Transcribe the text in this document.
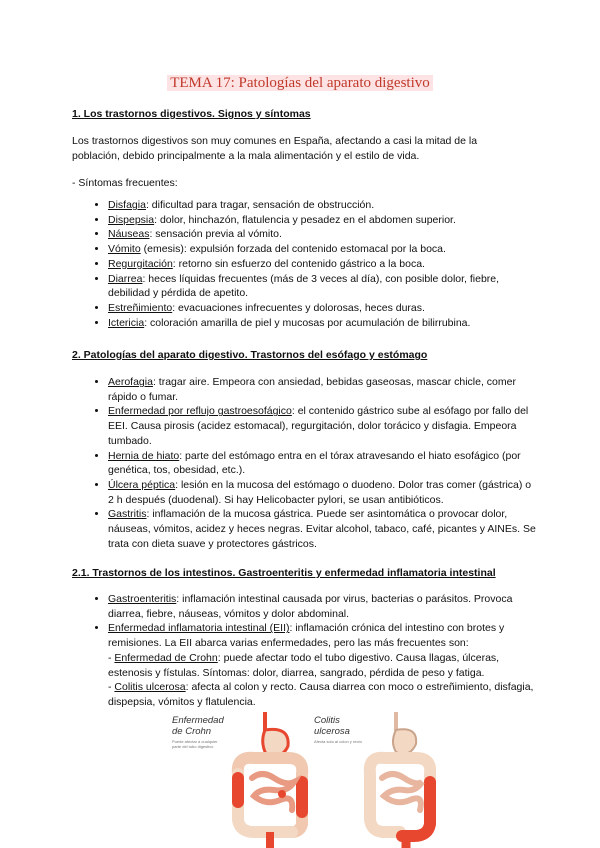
TEMA 17: Patologías del aparato digestivo
1. Los trastornos digestivos. Signos y síntomas

Los trastornos digestivos son muy comunes en España, afectando a casi la mitad de la población, debido principalmente a la mala alimentación y el estilo de vida.

- Síntomas frecuentes:

• Disfagia: dificultad para tragar, sensación de obstrucción.
• Dispepsia: dolor, hinchazón, flatulencia y pesadez en el abdomen superior.
• Náuseas: sensación previa al vómito.
• Vómito (emesis): expulsión forzada del contenido estomacal por la boca.
• Regurgitación: retorno sin esfuerzo del contenido gástrico a la boca.
• Diarrea: heces líquidas frecuentes (más de 3 veces al día), con posible dolor, fiebre, debilidad y pérdida de apetito.
• Estreñimiento: evacuaciones infrecuentes y dolorosas, heces duras.
• Ictericia: coloración amarilla de piel y mucosas por acumulación de bilirrubina.
2. Patologías del aparato digestivo. Trastornos del esófago y estómago
• Aerofagia: tragar aire. Empeora con ansiedad, bebidas gaseosas, mascar chicle, comer rápido o fumar.
• Enfermedad por reflujo gastroesofágico: el contenido gástrico sube al esófago por fallo del EEI. Causa pirosis (acidez estomacal), regurgitación, dolor torácico y disfagia. Empeora tumbado.
• Hernia de hiato: parte del estómago entra en el tórax atravesando el hiato esofágico (por genética, tos, obesidad, etc.).
• Úlcera péptica: lesión en la mucosa del estómago o duodeno. Dolor tras comer (gástrica) o 2 h después (duodenal). Si hay Helicobacter pylori, se usan antibióticos.
• Gastritis: inflamación de la mucosa gástrica. Puede ser asintomática o provocar dolor, náuseas, vómitos, acidez y heces negras. Evitar alcohol, tabaco, café, picantes y AINEs. Se trata con dieta suave y protectores gástricos.
2.1. Trastornos de los intestinos. Gastroenteritis y enfermedad inflamatoria intestinal
• Gastroenteritis: inflamación intestinal causada por virus, bacterias o parásitos. Provoca diarrea, fiebre, náuseas, vómitos y dolor abdominal.
• Enfermedad inflamatoria intestinal (EII): inflamación crónica del intestino con brotes y remisiones. La EII abarca varias enfermedades, pero las más frecuentes son:
- Enfermedad de Crohn: puede afectar todo el tubo digestivo. Causa llagas, úlceras, estenosis y fístulas. Síntomas: dolor, diarrea, sangrado, pérdida de peso y fatiga.
- Colitis ulcerosa: afecta al colon y recto. Causa diarrea con moco o estreñimiento, disfagia, dispepsia, vómitos y flatulencia.
Enfermedad
de Crohn
Puede afectar a cualquier parte del tubo digestivo
Colitis
ulcerosa
Afecta solo al colon y recto
